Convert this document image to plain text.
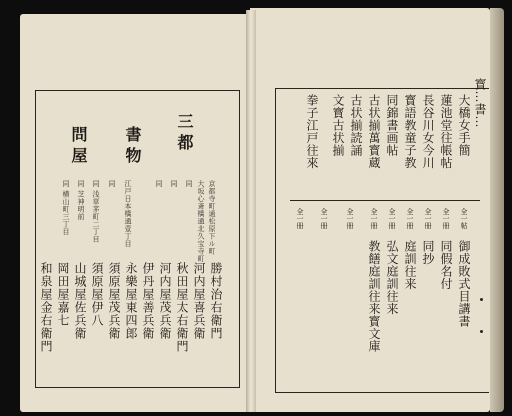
三都
書物
問屋
京都寺町通松原下ル町
大坂心斎橋通北久宝寺町
同
同
同
江戸日本橋通壹丁目
同
同 浅草茅町二丁目
同 芝神明前
同 横山町三丁目
勝村治右衛門
河内屋喜兵衛
秋田屋太右衛門
河内屋茂兵衛
伊丹屋善兵衛
永樂屋東四郎
須原屋茂兵衛
須原屋伊八
山城屋佐兵衛
岡田屋嘉七
和泉屋金右衛門
寳…書…
大橋女手簡
蓮池堂往帳帖
長谷川女今川
寳語教童子教
同錦書画帖
古状揃萬寳蔵
古状揃読誦
文寳古状揃
拳子江戸往來
全一帖
全一冊
全一冊
全一冊
全一冊
全一冊
全一冊
全一冊
全一冊
御成敗式目講書
同假名付
同抄
庭訓往来
弘文庭訓往来
教饍庭訓往来寳文庫
